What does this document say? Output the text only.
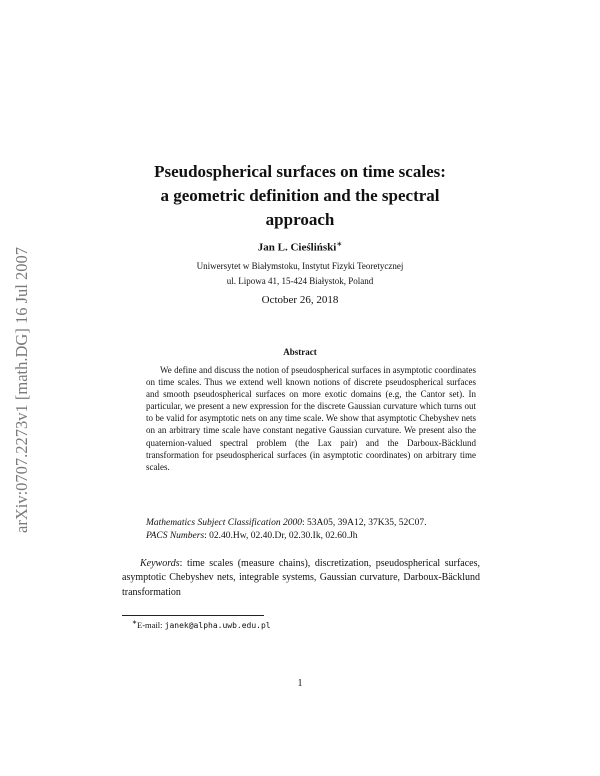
arXiv:0707.2273v1 [math.DG] 16 Jul 2007
Pseudospherical surfaces on time scales:
a geometric definition and the spectral
approach
Jan L. Cieśliński∗
Uniwersytet w Białymstoku, Instytut Fizyki Teoretycznej
ul. Lipowa 41, 15-424 Białystok, Poland
October 26, 2018
Abstract
We define and discuss the notion of pseudospherical surfaces in asymptotic coordinates on time scales. Thus we extend well known notions of discrete pseudospherical surfaces and smooth pseudospherical surfaces on more exotic domains (e.g, the Cantor set). In particular, we present a new expression for the discrete Gaussian curvature which turns out to be valid for asymptotic nets on any time scale. We show that asymptotic Chebyshev nets on an arbitrary time scale have constant negative Gaussian curvature. We present also the quaternion-valued spectral problem (the Lax pair) and the Darboux-Bäcklund transformation for pseudospherical surfaces (in asymptotic coordinates) on arbitrary time scales.
Mathematics Subject Classification 2000: 53A05, 39A12, 37K35, 52C07.
PACS Numbers: 02.40.Hw, 02.40.Dr, 02.30.Ik, 02.60.Jh
Keywords: time scales (measure chains), discretization, pseudospherical surfaces, asymptotic Chebyshev nets, integrable systems, Gaussian curvature, Darboux-Bäcklund transformation
∗E-mail: janek@alpha.uwb.edu.pl
1
